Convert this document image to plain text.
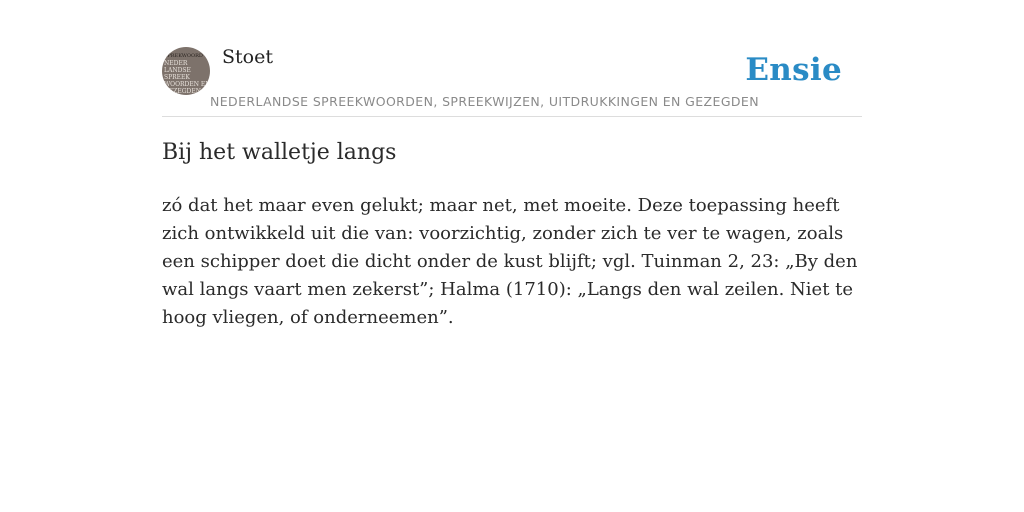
SPREKWOORD
NEDER
LANDSE
SPREEK
WOORDEN EN
GEZEGDEN
Stoet
NEDERLANDSE SPREEKWOORDEN, SPREEKWIJZEN, UITDRUKKINGEN EN GEZEGDEN
Ensie
Bij het walletje langs

zó dat het maar even gelukt; maar net, met moeite. Deze toepassing heeft zich ontwikkeld uit die van: voorzichtig, zonder zich te ver te wagen, zoals een schipper doet die dicht onder de kust blijft; vgl. Tuinman 2, 23: „By den wal langs vaart men zekerst”; Halma (1710): „Langs den wal zeilen. Niet te hoog vliegen, of onderneemen”.
